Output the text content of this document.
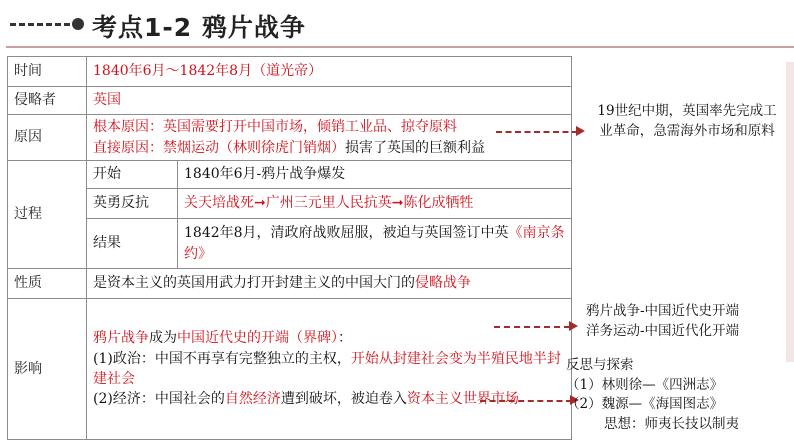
考点1-2 鸦片战争
时间	1840年6月～1842年8月（道光帝）	
侵略者	英国	
原因	根本原因：英国需要打开中国市场，倾销工业品、掠夺原料
直接原因：禁烟运动（林则徐虎门销烟）损害了英国的巨额利益	

过程	开始	1840年6月-鸦片战争爆发
	英勇反抗	关天培战死➞广州三元里人民抗英➞陈化成牺牲
	结果	1842年8月，清政府战败屈服，被迫与英国签订中英《南京条约》
性质	是资本主义的英国用武力打开封建主义的中国大门的侵略战争	
影响	鸦片战争成为中国近代史的开端（界碑）：
(1)政治：中国不再享有完整独立的主权，开始从封建社会变为半殖民地半封建社会
(2)经济：中国社会的自然经济遭到破坏，被迫卷入资本主义世界市场	
19世纪中期，英国率先完成工业革命，急需海外市场和原料
鸦片战争-中国近代史开端
洋务运动-中国近代化开端
反思与探索
（1）林则徐—《四洲志》
（2）魏源—《海国图志》
思想：师夷长技以制夷
